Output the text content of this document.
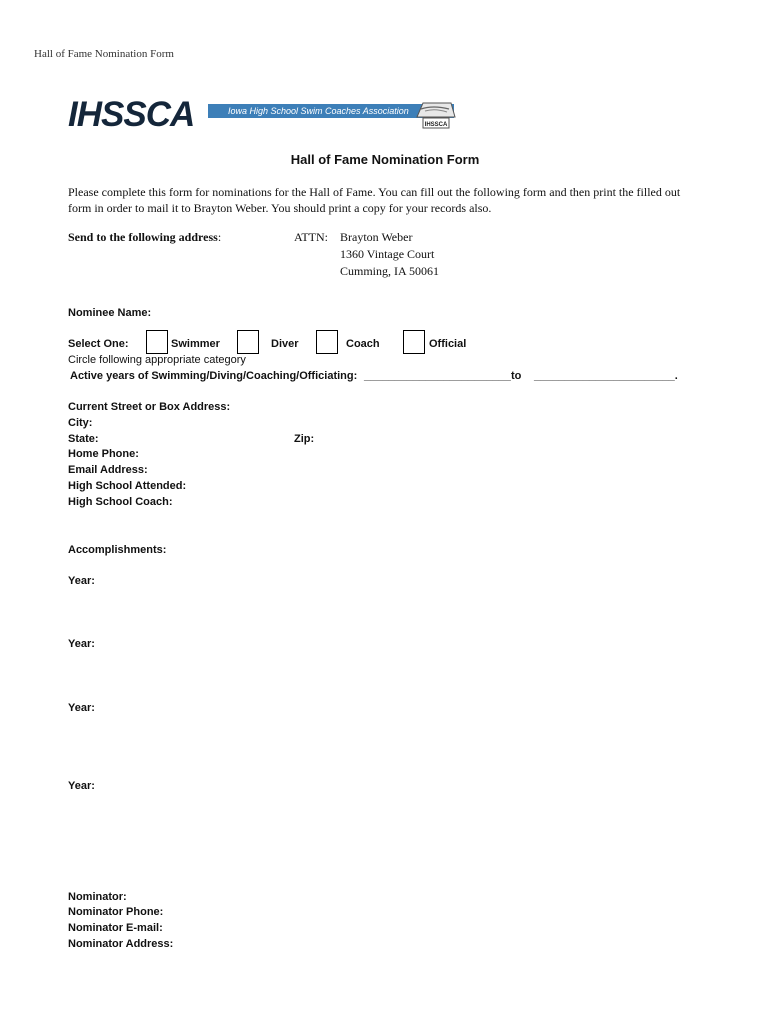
Hall of Fame Nomination Form
IHSSCA	Iowa High School Swim Coaches Association
IHSSCA
Hall of Fame Nomination Form
Please complete this form for nominations for the Hall of Fame. You can fill out the following form and then print the filled out form in order to mail it to Brayton Weber. You should print a copy for your records also.
Send to the following address:	ATTN: Brayton Weber
1360 Vintage Court
Cumming, IA 50061
Nominee Name:
Select One:	Swimmer	Diver	Coach	Official
Circle following appropriate category
Active years of Swimming/Diving/Coaching/Officiating: ________________________ to _______________________.
Current Street or Box Address:
City:
State:	Zip:
Home Phone:
Email Address:
High School Attended:
High School Coach:
Accomplishments:
Year:
Year:
Year:
Year:
Nominator:
Nominator Phone:
Nominator E-mail:
Nominator Address:
